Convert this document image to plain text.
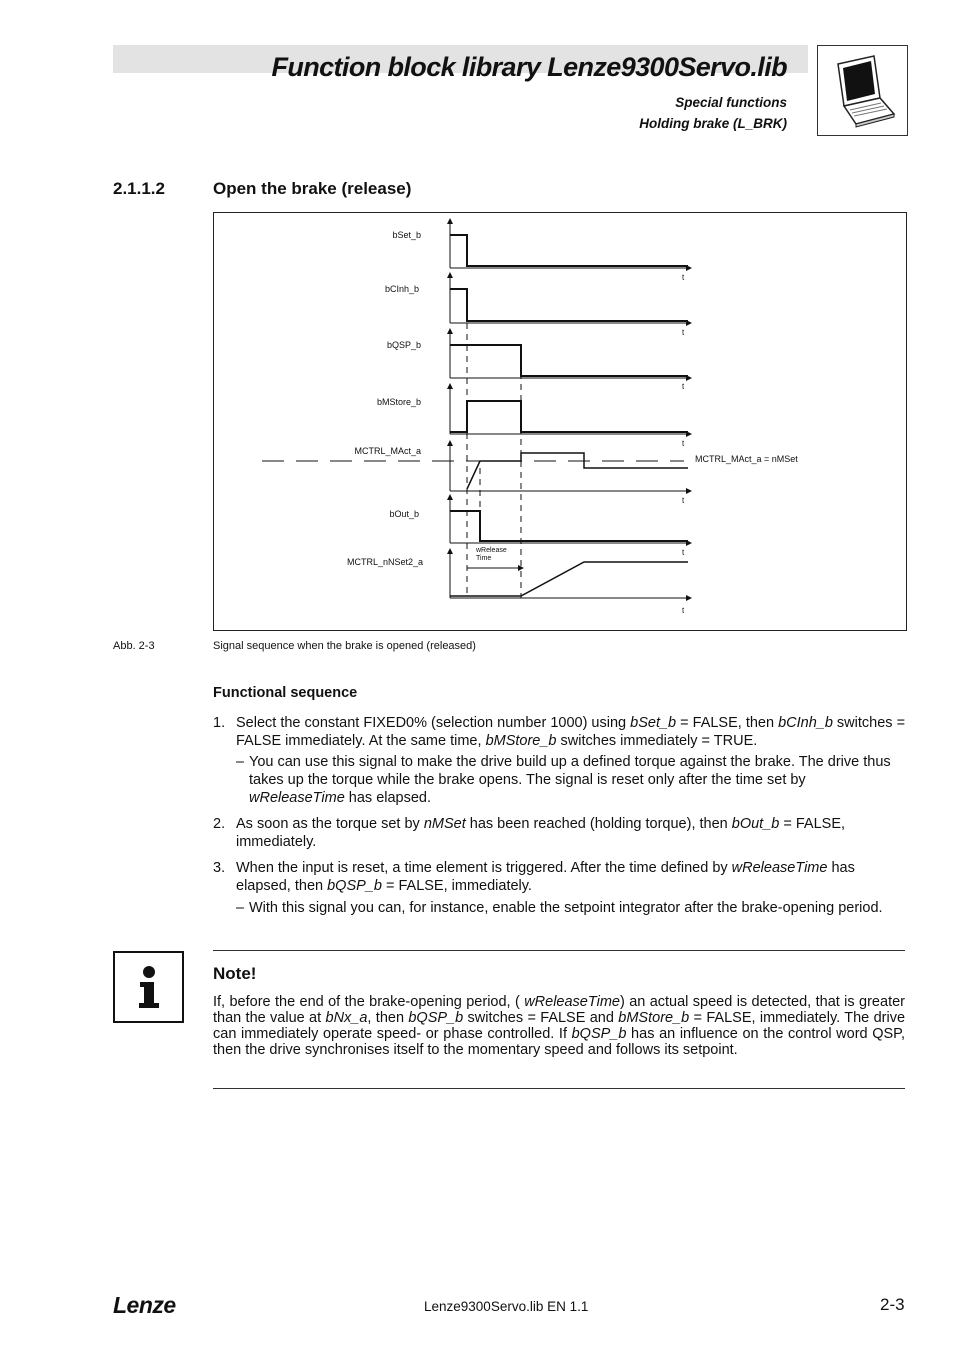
Function block library Lenze9300Servo.lib
Special functions
Holding brake (L_BRK)
2.1.1.2	Open the brake (release)
bSet_b
bCInh_b
bQSP_b
bMStore_b
MCTRL_MAct_a
bOut_b
MCTRL_nNSet2_a
t
t
t
t
t
t
t
wRelease
Time
MCTRL_MAct_a = nMSet
Abb. 2-3	Signal sequence when the brake is opened (released)
Functional sequence
1. Select the constant FIXED0% (selection number 1000) using bSet_b = FALSE, then bCInh_b switches = FALSE immediately. At the same time, bMStore_b switches immediately = TRUE.
– You can use this signal to make the drive build up a defined torque against the brake. The drive thus takes up the torque while the brake opens. The signal is reset only after the time set by wReleaseTime has elapsed.
2. As soon as the torque set by nMSet has been reached (holding torque), then bOut_b = FALSE, immediately.
3. When the input is reset, a time element is triggered. After the time defined by wReleaseTime has elapsed, then bQSP_b = FALSE, immediately.
– With this signal you can, for instance, enable the setpoint integrator after the brake-opening period.
Note!
If, before the end of the brake-opening period, ( wReleaseTime) an actual speed is detected, that is greater than the value at bNx_a, then bQSP_b switches = FALSE and bMStore_b = FALSE, immediately. The drive can immediately operate speed- or phase controlled. If bQSP_b has an influence on the control word QSP, then the drive synchronises itself to the momentary speed and follows its setpoint.
Lenze	Lenze9300Servo.lib EN 1.1	2-3
